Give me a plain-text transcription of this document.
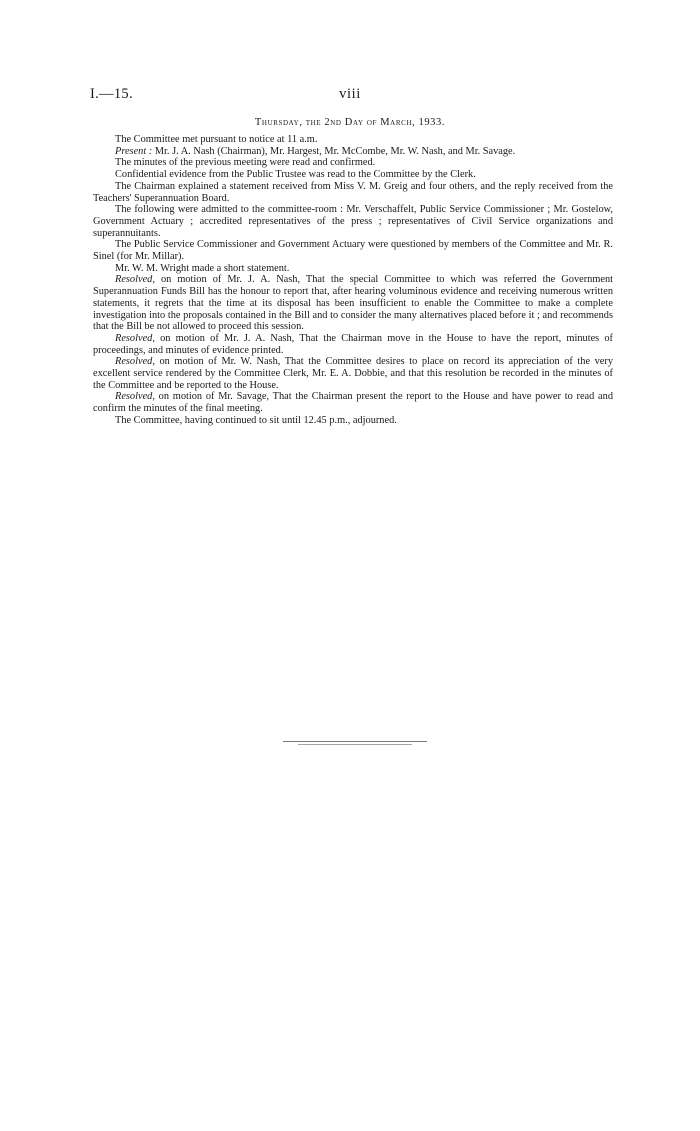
I.—15.	viii
Thursday, the 2nd Day of March, 1933.

The Committee met pursuant to notice at 11 a.m.

Present : Mr. J. A. Nash (Chairman), Mr. Hargest, Mr. McCombe, Mr. W. Nash, and Mr. Savage.

The minutes of the previous meeting were read and confirmed.

Confidential evidence from the Public Trustee was read to the Committee by the Clerk.

The Chairman explained a statement received from Miss V. M. Greig and four others, and the reply received from the Teachers' Superannuation Board.

The following were admitted to the committee-room : Mr. Verschaffelt, Public Service Commissioner ; Mr. Gostelow, Government Actuary ; accredited representatives of the press ; representatives of Civil Service organizations and superannuitants.

The Public Service Commissioner and Government Actuary were questioned by members of the Committee and Mr. R. Sinel (for Mr. Millar).

Mr. W. M. Wright made a short statement.

Resolved, on motion of Mr. J. A. Nash, That the special Committee to which was referred the Government Superannuation Funds Bill has the honour to report that, after hearing voluminous evidence and receiving numerous written statements, it regrets that the time at its disposal has been insufficient to enable the Committee to make a complete investigation into the proposals contained in the Bill and to consider the many alternatives placed before it ; and recommends that the Bill be not allowed to proceed this session.

Resolved, on motion of Mr. J. A. Nash, That the Chairman move in the House to have the report, minutes of proceedings, and minutes of evidence printed.

Resolved, on motion of Mr. W. Nash, That the Committee desires to place on record its appreciation of the very excellent service rendered by the Committee Clerk, Mr. E. A. Dobbie, and that this resolution be recorded in the minutes of the Committee and be reported to the House.

Resolved, on motion of Mr. Savage, That the Chairman present the report to the House and have power to read and confirm the minutes of the final meeting.

The Committee, having continued to sit until 12.45 p.m., adjourned.
